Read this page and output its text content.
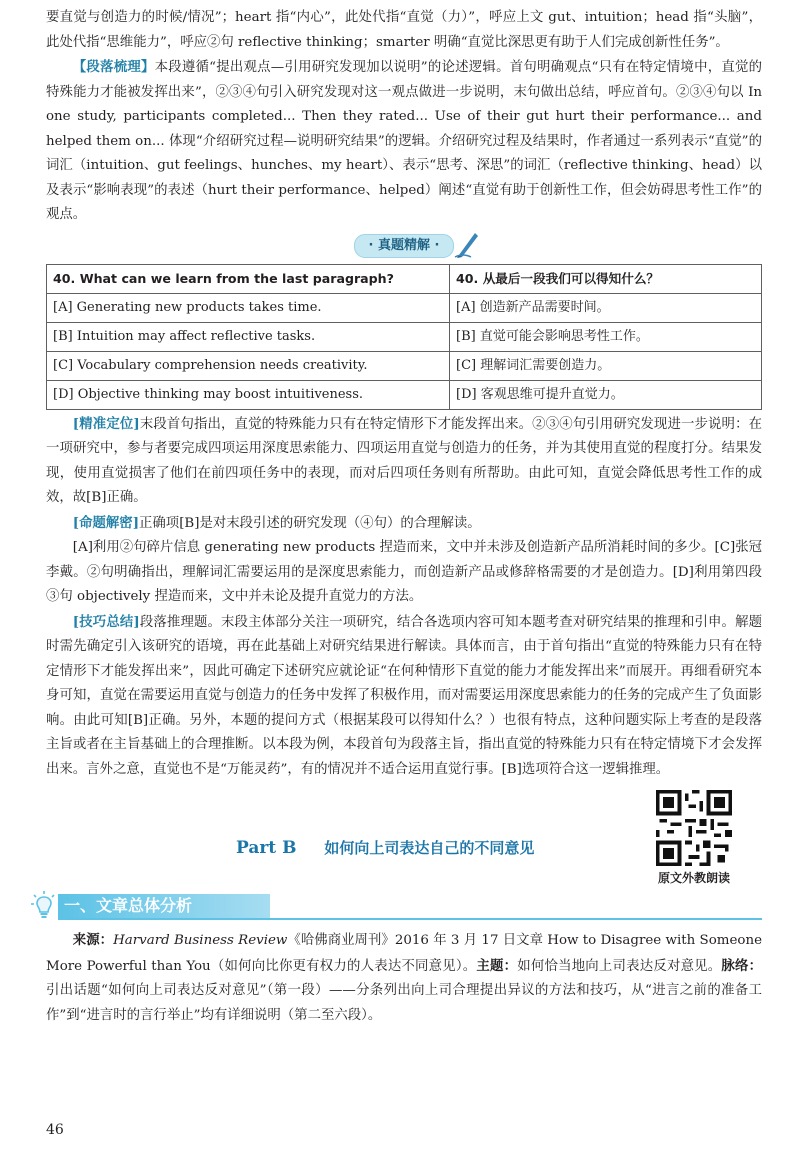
要直觉与创造力的时候/情况”；heart 指“内心”，此处代指“直觉（力）”，呼应上文 gut、intuition；head 指“头脑”，此处代指“思维能力”，呼应②句 reflective thinking；smarter 明确“直觉比深思更有助于人们完成创新性任务”。

【段落梳理】本段遵循“提出观点—引用研究发现加以说明”的论述逻辑。首句明确观点“只有在特定情境中，直觉的特殊能力才能被发挥出来”，②③④句引入研究发现对这一观点做进一步说明，末句做出总结，呼应首句。②③④句以 In one study, participants completed... Then they rated... Use of their gut hurt their performance... and helped them on... 体现“介绍研究过程—说明研究结果”的逻辑。介绍研究过程及结果时，作者通过一系列表示“直觉”的词汇（intuition、gut feelings、hunches、my heart）、表示“思考、深思”的词汇（reflective thinking、head）以及表示“影响表现”的表述（hurt their performance、helped）阐述“直觉有助于创新性工作，但会妨碍思考性工作”的观点。

· 真题精解 ·
40. What can we learn from the last paragraph?	40. 从最后一段我们可以得知什么？
[A] Generating new products takes time.	[A] 创造新产品需要时间。
[B] Intuition may affect reflective tasks.	[B] 直觉可能会影响思考性工作。
[C] Vocabulary comprehension needs creativity.	[C] 理解词汇需要创造力。
[D] Objective thinking may boost intuitiveness.	[D] 客观思维可提升直觉力。

[精准定位]末段首句指出，直觉的特殊能力只有在特定情形下才能发挥出来。②③④句引用研究发现进一步说明：在一项研究中，参与者要完成四项运用深度思索能力、四项运用直觉与创造力的任务，并为其使用直觉的程度打分。结果发现，使用直觉损害了他们在前四项任务中的表现，而对后四项任务则有所帮助。由此可知，直觉会降低思考性工作的成效，故[B]正确。

[命题解密]正确项[B]是对末段引述的研究发现（④句）的合理解读。

[A]利用②句碎片信息 generating new products 捏造而来，文中并未涉及创造新产品所消耗时间的多少。[C]张冠李戴。②句明确指出，理解词汇需要运用的是深度思索能力，而创造新产品或修辞格需要的才是创造力。[D]利用第四段③句 objectively 捏造而来，文中并未论及提升直觉力的方法。

[技巧总结]段落推理题。末段主体部分关注一项研究，结合各选项内容可知本题考查对研究结果的推理和引申。解题时需先确定引入该研究的语境，再在此基础上对研究结果进行解读。具体而言，由于首句指出“直觉的特殊能力只有在特定情形下才能发挥出来”，因此可确定下述研究应就论证“在何种情形下直觉的能力才能发挥出来”而展开。再细看研究本身可知，直觉在需要运用直觉与创造力的任务中发挥了积极作用，而对需要运用深度思索能力的任务的完成产生了负面影响。由此可知[B]正确。另外，本题的提问方式（根据某段可以得知什么？）也很有特点，这种问题实际上考查的是段落主旨或者在主旨基础上的合理推断。以本段为例，本段首句为段落主旨，指出直觉的特殊能力只有在特定情境下才会发挥出来。言外之意，直觉也不是“万能灵药”，有的情况并不适合运用直觉行事。[B]选项符合这一逻辑推理。

Part B 如何向上司表达自己的不同意见
原文外教朗读
一、文章总体分析

来源：Harvard Business Review《哈佛商业周刊》2016 年 3 月 17 日文章 How to Disagree with Someone More Powerful than You（如何向比你更有权力的人表达不同意见）。主题：如何恰当地向上司表达反对意见。脉络：引出话题“如何向上司表达反对意见”（第一段）——分条列出向上司合理提出异议的方法和技巧，从“进言之前的准备工作”到“进言时的言行举止”均有详细说明（第二至六段）。

46
